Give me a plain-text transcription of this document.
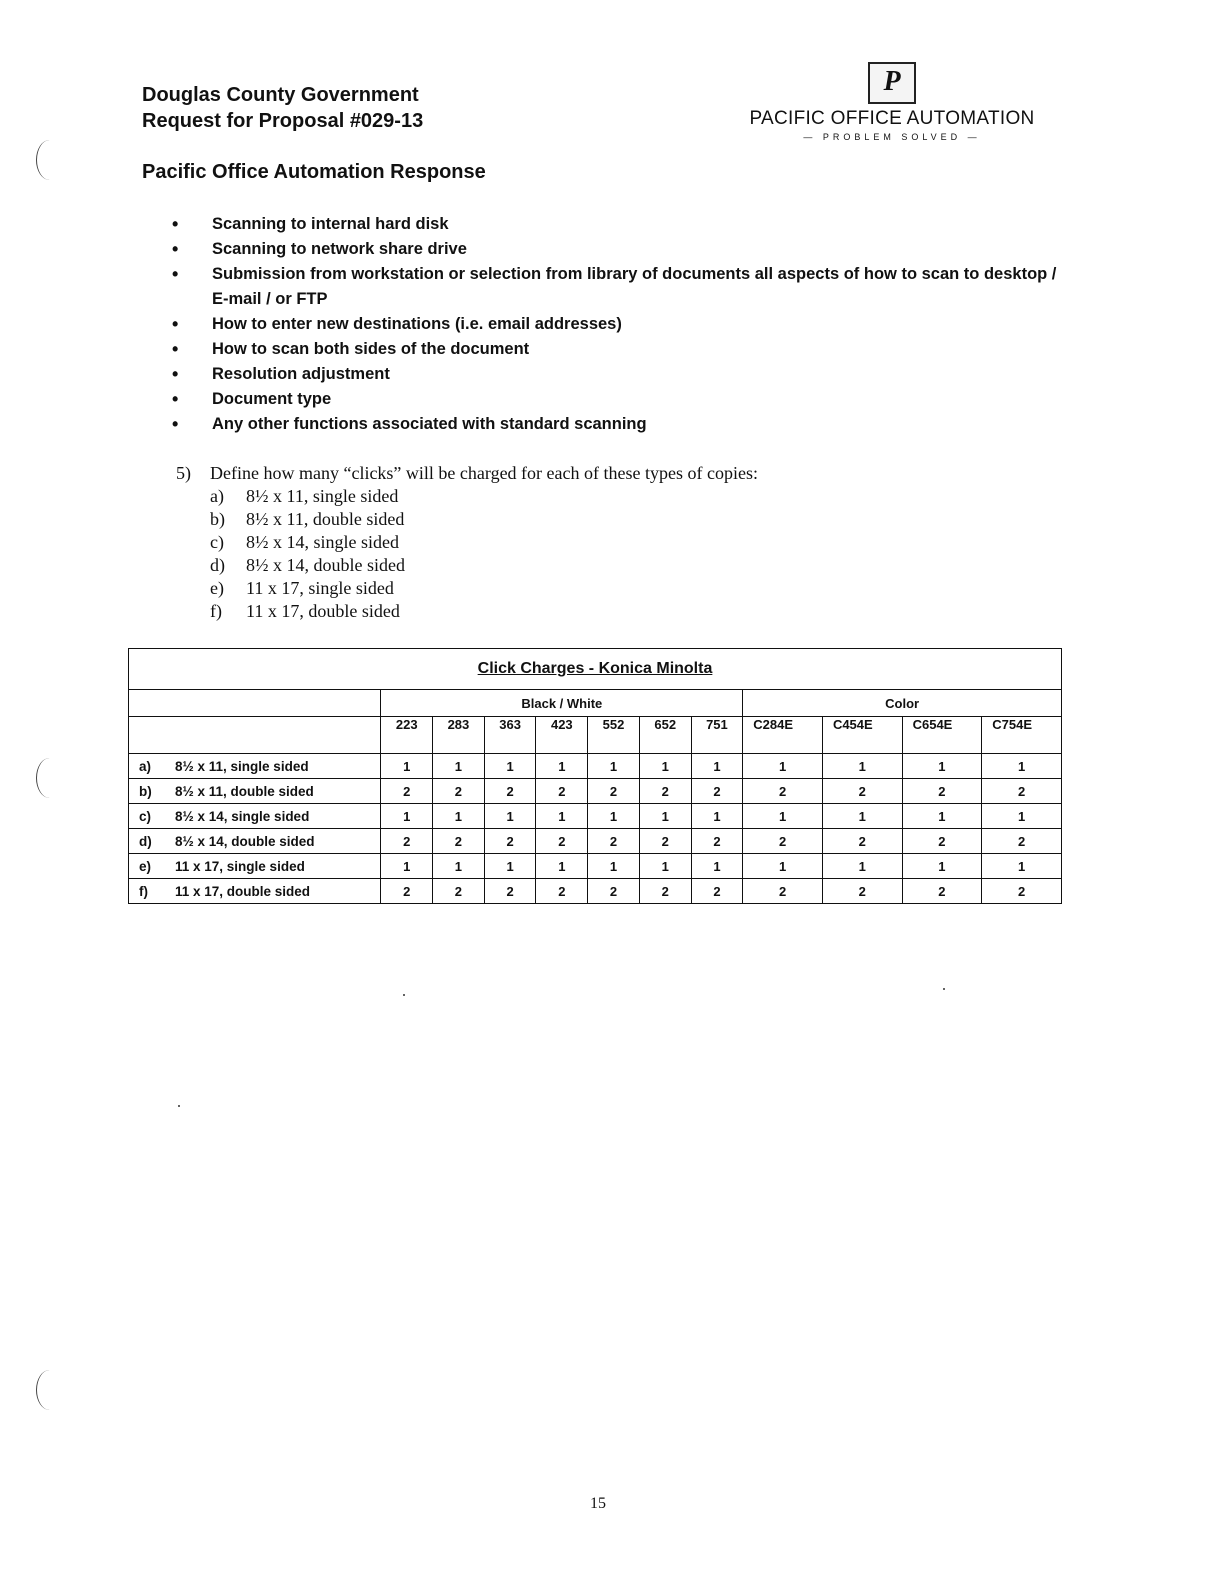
Douglas County Government
Request for Proposal #029-13
Pacific Office Automation Response
P
PACIFIC OFFICE AUTOMATION
— PROBLEM SOLVED —
• Scanning to internal hard disk
• Scanning to network share drive
• Submission from workstation or selection from library of documents all aspects of how to scan to desktop / E-mail / or FTP
• How to enter new destinations (i.e. email addresses)
• How to scan both sides of the document
• Resolution adjustment
• Document type
• Any other functions associated with standard scanning
5) Define how many “clicks” will be charged for each of these types of copies:
a) 8½ x 11, single sided
b) 8½ x 11, double sided
c) 8½ x 14, single sided
d) 8½ x 14, double sided
e) 11 x 17, single sided
f) 11 x 17, double sided
Click Charges - Konica Minolta											
	Black / White							Color			
	223	283	363	423	552	652	751	C284E	C454E	C654E	C754E
a) 8½ x 11, single sided	1	1	1	1	1	1	1	1	1	1	1
b) 8½ x 11, double sided	2	2	2	2	2	2	2	2	2	2	2
c) 8½ x 14, single sided	1	1	1	1	1	1	1	1	1	1	1
d) 8½ x 14, double sided	2	2	2	2	2	2	2	2	2	2	2
e) 11 x 17, single sided	1	1	1	1	1	1	1	1	1	1	1
f) 11 x 17, double sided	2	2	2	2	2	2	2	2	2	2	2
15
